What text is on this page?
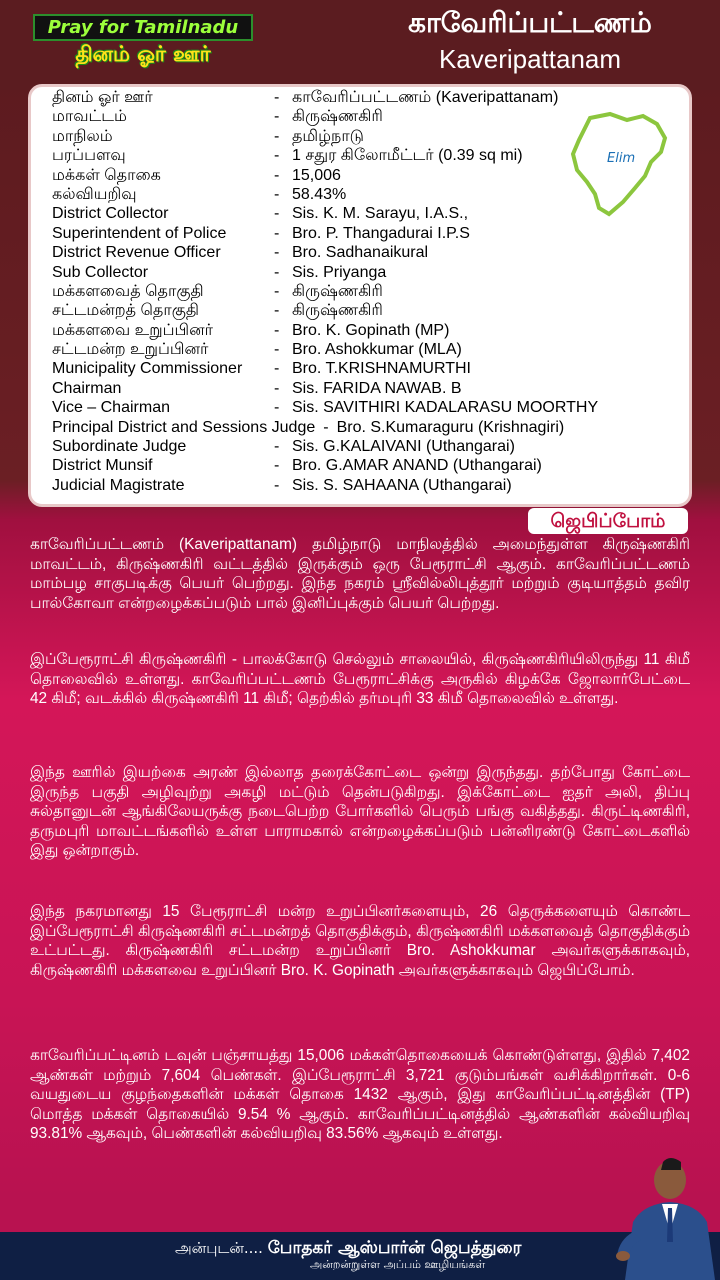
Pray for Tamilnadu
தினம் ஓர் ஊர்
காவேரிப்பட்டணம்
Kaveripattanam
தினம் ஓர் ஊர்	- காவேரிப்பட்டணம் (Kaveripattanam)
மாவட்டம்	- கிருஷ்ணகிரி
மாநிலம்	- தமிழ்நாடு
பரப்பளவு	- 1 சதுர கிலோமீட்டர் (0.39 sq mi)
மக்கள் தொகை	- 15,006
கல்வியறிவு	- 58.43%
District Collector	- Sis. K. M. Sarayu, I.A.S.,
Superintendent of Police	- Bro. P. Thangadurai I.P.S
District Revenue Officer	- Bro. Sadhanaikural
Sub Collector	- Sis. Priyanga
மக்களவைத் தொகுதி	- கிருஷ்ணகிரி
சட்டமன்றத் தொகுதி	- கிருஷ்ணகிரி
மக்களவை உறுப்பினர்	- Bro. K. Gopinath (MP)
சட்டமன்ற உறுப்பினர்	- Bro. Ashokkumar (MLA)
Municipality Commissioner - Bro. T.KRISHNAMURTHI
Chairman	- Sis. FARIDA NAWAB. B
Vice – Chairman	- Sis. SAVITHIRI KADALARASU MOORTHY
Principal District and Sessions Judge - Bro. S.Kumaraguru (Krishnagiri)
Subordinate Judge	- Sis. G.KALAIVANI (Uthangarai)
District Munsif	- Bro. G.AMAR ANAND (Uthangarai)
Judicial Magistrate	- Sis. S. SAHAANA (Uthangarai)
Elim
ஜெபிப்போம்
காவேரிப்பட்டணம் (Kaveripattanam) தமிழ்நாடு மாநிலத்தில் அமைந்துள்ள கிருஷ்ணகிரி மாவட்டம், கிருஷ்ணகிரி வட்டத்தில் இருக்கும் ஒரு பேரூராட்சி ஆகும். காவேரிப்பட்டணம் மாம்பழ சாகுபடிக்கு பெயர் பெற்றது. இந்த நகரம் ஸ்ரீவில்லிபுத்தூர் மற்றும் குடியாத்தம் தவிர பால்கோவா என்றழைக்கப்படும் பால் இனிப்புக்கும் பெயர் பெற்றது.
இப்பேரூராட்சி கிருஷ்ணகிரி - பாலக்கோடு செல்லும் சாலையில், கிருஷ்ணகிரியிலிருந்து 11 கிமீ தொலைவில் உள்ளது. காவேரிப்பட்டணம் பேரூராட்சிக்கு அருகில் கிழக்கே ஜோலார்பேட்டை 42 கிமீ; வடக்கில் கிருஷ்ணகிரி 11 கிமீ; தெற்கில் தர்மபுரி 33 கிமீ தொலைவில் உள்ளது.
இந்த ஊரில் இயற்கை அரண் இல்லாத தரைக்கோட்டை ஒன்று இருந்தது. தற்போது கோட்டை இருந்த பகுதி அழிவுற்று அகழி மட்டும் தென்படுகிறது. இக்கோட்டை ஐதர் அலி, திப்பு சுல்தானுடன் ஆங்கிலேயருக்கு நடைபெற்ற போர்களில் பெரும் பங்கு வகித்தது. கிருட்டிணகிரி, தருமபுரி மாவட்டங்களில் உள்ள பாராமகால் என்றழைக்கப்படும் பன்னிரண்டு கோட்டைகளில் இது ஒன்றாகும்.
இந்த நகரமானது 15 பேரூராட்சி மன்ற உறுப்பினர்களையும், 26 தெருக்களையும் கொண்ட இப்பேரூராட்சி கிருஷ்ணகிரி சட்டமன்றத் தொகுதிக்கும், கிருஷ்ணகிரி மக்களவைத் தொகுதிக்கும் உட்பட்டது. கிருஷ்ணகிரி சட்டமன்ற உறுப்பினர் Bro. Ashokkumar அவர்களுக்காகவும், கிருஷ்ணகிரி மக்களவை உறுப்பினர் Bro. K. Gopinath அவர்களுக்காகவும் ஜெபிப்போம்.
காவேரிப்பட்டினம் டவுன் பஞ்சாயத்து 15,006 மக்கள்தொகையைக் கொண்டுள்ளது, இதில் 7,402 ஆண்கள் மற்றும் 7,604 பெண்கள். இப்பேரூராட்சி 3,721 குடும்பங்கள் வசிக்கிறார்கள். 0-6 வயதுடைய குழந்தைகளின் மக்கள் தொகை 1432 ஆகும், இது காவேரிப்பட்டினத்தின் (TP) மொத்த மக்கள் தொகையில் 9.54 % ஆகும். காவேரிப்பட்டினத்தில் ஆண்களின் கல்வியறிவு 93.81% ஆகவும், பெண்களின் கல்வியறிவு 83.56% ஆகவும் உள்ளது.
அன்புடன்.... போதகர் ஆஸ்பார்ன் ஜெபத்துரை
அன்றன்றுள்ள அப்பம் ஊழியங்கள்
